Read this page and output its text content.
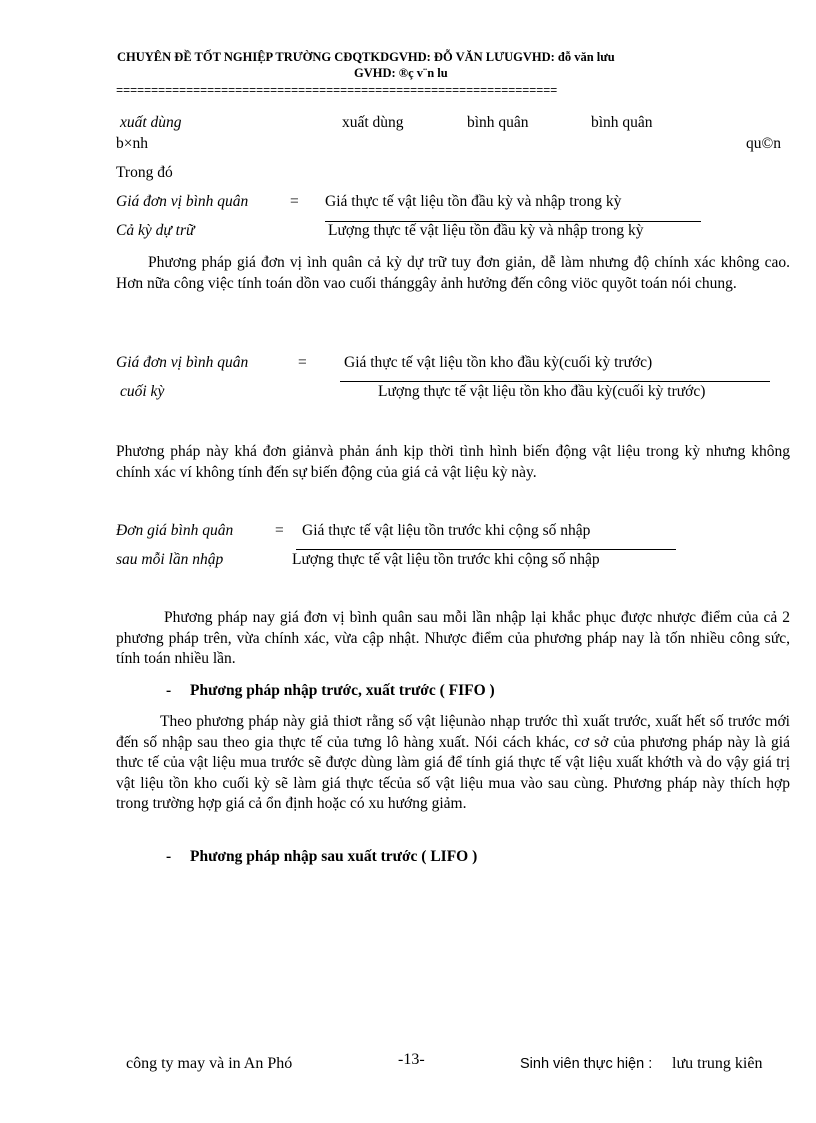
CHUYÊN ĐỀ TỐT NGHIỆP TRƯỜNG CĐQTKDGVHD: ĐỖ VĂN LƯUGVHD: đỗ văn lưu
GVHD: ®ç v¨n lu
===============================================================
xuất dùng	xuất dùng	bình quân	bình quân
b×nh	qu©n
Trong đó
Giá đơn vị bình quân	= Giá thực tế vật liệu tồn đầu kỳ và nhập trong kỳ
Cả kỳ dự trữ	Lượng thực tế vật liệu tồn đầu kỳ và nhập trong kỳ
Phương pháp giá đơn vị ình quân cả kỳ dự trữ tuy đơn giản, dễ làm nhưng độ chính xác không cao. Hơn nữa công việc tính toán dồn vao cuối thánggây ảnh hưởng đến công viöc quyõt toán nói chung.
Giá đơn vị bình quân	= Giá thực tế vật liệu tồn kho đầu kỳ(cuối kỳ trước)
cuối kỳ	Lượng thực tế vật liệu tồn kho đầu kỳ(cuối kỳ trước)
Phương pháp này khá đơn giảnvà phản ánh kịp thời tình hình biến động vật liệu trong kỳ nhưng không chính xác ví không tính đến sự biến động của giá cả vật liệu kỳ này.
Đơn giá bình quân	= Giá thực tế vật liệu tồn trước khi cộng số nhập
sau mỗi lần nhập	Lượng thực tế vật liệu tồn trước khi cộng số nhập
Phương pháp nay giá đơn vị bình quân sau mỗi lần nhập lại khắc phục được nhược điểm của cả 2 phương pháp trên, vừa chính xác, vừa cập nhật. Nhược điểm của phương pháp nay là tốn nhiều công sức, tính toán nhiều lần.
- Phương pháp nhập trước, xuất trước ( FIFO )
Theo phương pháp này giả thiơt rằng số vật liệunào nhạp trước thì xuất trước, xuất hết số trước mới đến số nhập sau theo gia thực tế của tưng lô hàng xuất. Nói cách khác, cơ sở của phương pháp này là giá thưc tế của vật liệu mua trước sẽ được dùng làm giá để tính giá thực tế vật liệu xuất khớth và do vậy giá trị vật liệu tồn kho cuối kỳ sẽ làm giá thực tếcủa số vật liệu mua vào sau cùng. Phương pháp này thích hợp trong trường hợp giá cả ổn định hoặc có xu hướng giảm.
- Phương pháp nhập sau xuất trước ( LIFO )
công ty may và in An Phó	-13-	Sinh viên thực hiện : lưu trung kiên
